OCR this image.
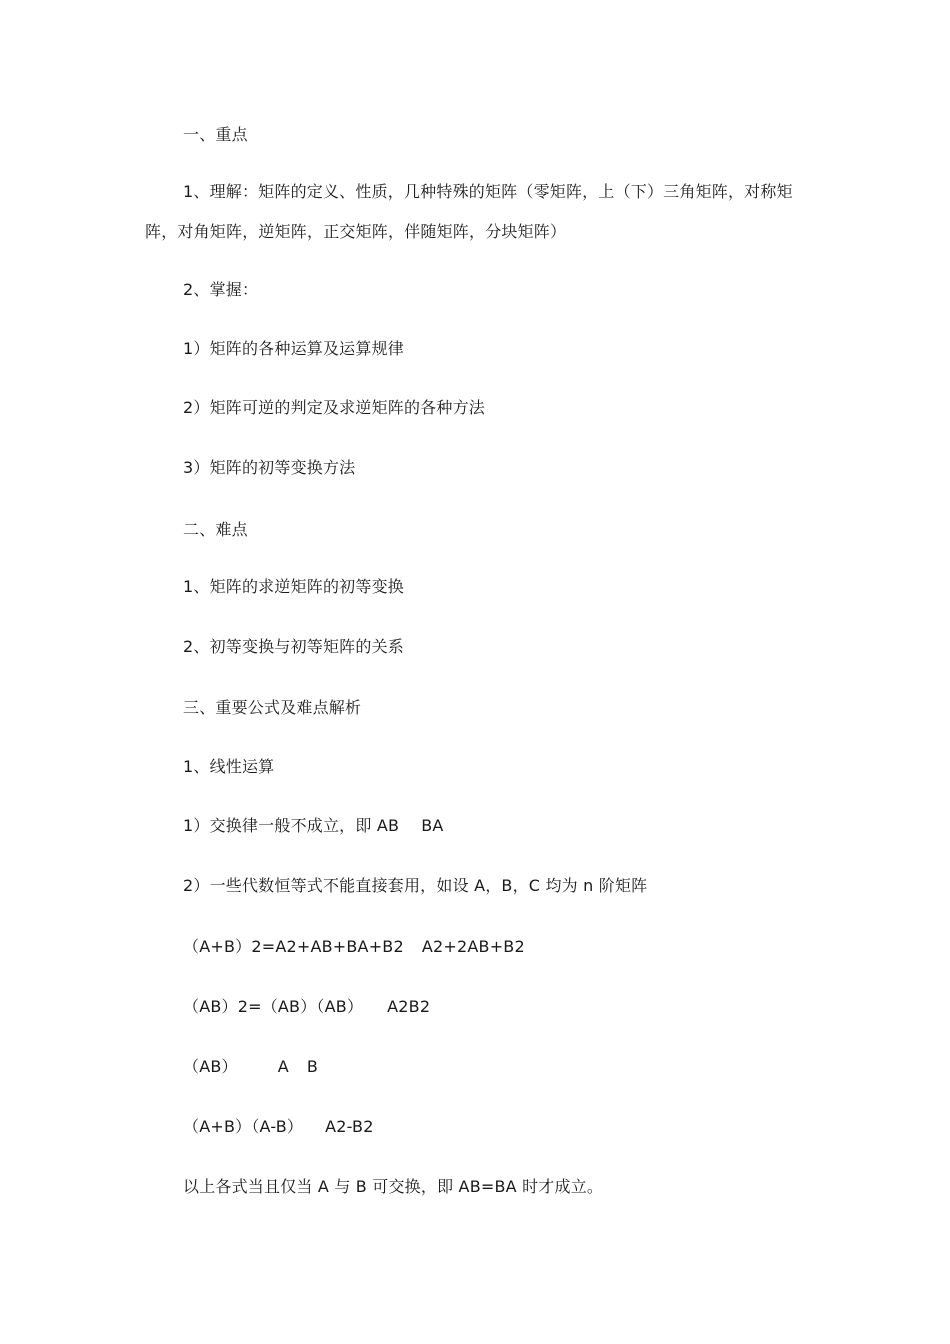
一、重点
1、理解：矩阵的定义、性质，几种特殊的矩阵（零矩阵，上（下）三角矩阵，对称矩
阵，对角矩阵，逆矩阵，正交矩阵，伴随矩阵，分块矩阵）
2、掌握：
1）矩阵的各种运算及运算规律
2）矩阵可逆的判定及求逆矩阵的各种方法
3）矩阵的初等变换方法
二、难点
1、矩阵的求逆矩阵的初等变换
2、初等变换与初等矩阵的关系
三、重要公式及难点解析
1、线性运算
1）交换律一般不成立，即 AB BA
2）一些代数恒等式不能直接套用，如设 A，B，C 均为 n 阶矩阵
（A+B）2=A2+AB+BA+B2 A2+2AB+B2
（AB）2=（AB）（AB） A2B2
（AB）	A B
（A+B）（A-B） A2-B2
以上各式当且仅当 A 与 B 可交换，即 AB=BA 时才成立。
